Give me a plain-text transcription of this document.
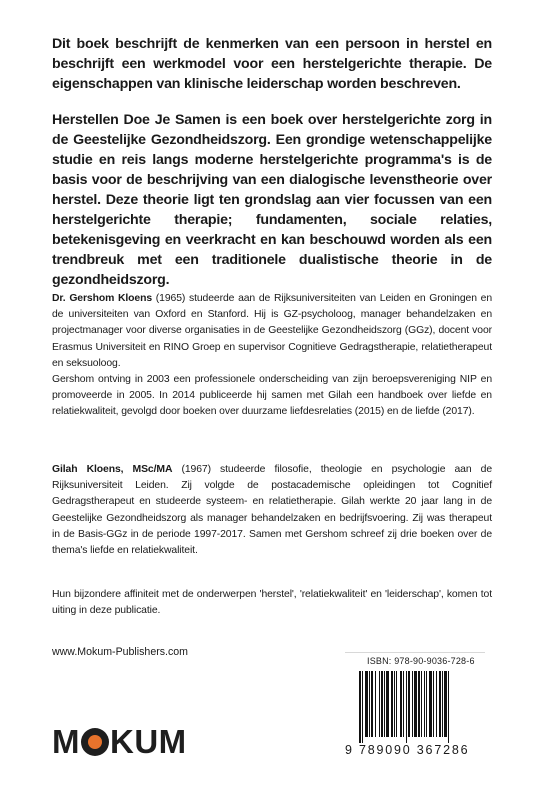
Dit boek beschrijft de kenmerken van een persoon in herstel en beschrijft een werkmodel voor een herstelgerichte therapie. De eigenschappen van klinische leiderschap worden beschreven.

Herstellen Doe Je Samen is een boek over herstelgerichte zorg in de Geestelijke Gezondheidszorg. Een grondige wetenschappelijke studie en reis langs moderne herstelgerichte programma's is de basis voor de beschrijving van een dialogische levenstheorie over herstel. Deze theorie ligt ten grondslag aan vier focussen van een herstelgerichte therapie; fundamenten, sociale relaties, betekenisgeving en veerkracht en kan beschouwd worden als een trendbreuk met een traditionele dualistische theorie in de gezondheidszorg.

Dr. Gershom Kloens (1965) studeerde aan de Rijksuniversiteiten van Leiden en Groningen en de universiteiten van Oxford en Stanford. Hij is GZ-psycholoog, manager behandelzaken en projectmanager voor diverse organisaties in de Geestelijke Gezondheidszorg (GGz), docent voor Erasmus Universiteit en RINO Groep en supervisor Cognitieve Gedragstherapie, relatietherapeut en seksuoloog.
Gershom ontving in 2003 een professionele onderscheiding van zijn beroepsvereniging NIP en promoveerde in 2005. In 2014 publiceerde hij samen met Gilah een handboek over liefde en relatiekwaliteit, gevolgd door boeken over duurzame liefdesrelaties (2015) en de liefde (2017).
Gilah Kloens, MSc/MA (1967) studeerde filosofie, theologie en psychologie aan de Rijksuniversiteit Leiden. Zij volgde de postacademische opleidingen tot Cognitief Gedragstherapeut en studeerde systeem- en relatietherapie. Gilah werkte 20 jaar lang in de Geestelijke Gezondheidszorg als manager behandelzaken en bedrijfsvoering. Zij was therapeut in de Basis-GGz in de periode 1997-2017. Samen met Gershom schreef zij drie boeken over de thema's liefde en relatiekwaliteit.
Hun bijzondere affiniteit met de onderwerpen 'herstel', 'relatiekwaliteit' en 'leiderschap', komen tot uiting in deze publicatie.
www.Mokum-Publishers.com
M KUM
ISBN: 978-90-9036-728-6
9 789090 367286
